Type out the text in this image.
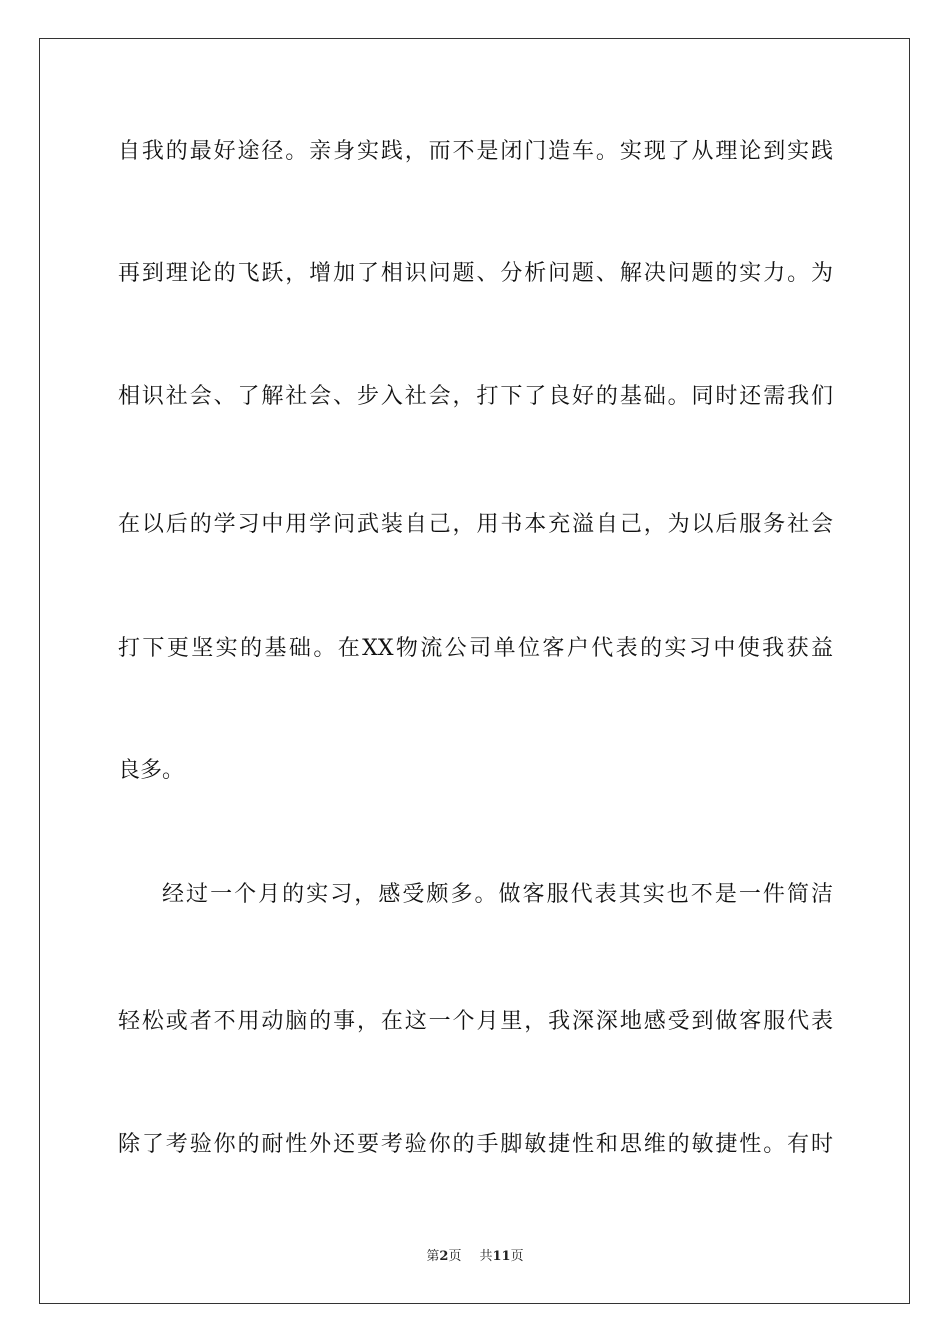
自我的最好途径。亲身实践，而不是闭门造车。实现了从理论到实践
再到理论的飞跃，增加了相识问题、分析问题、解决问题的实力。为
相识社会、了解社会、步入社会，打下了良好的基础。同时还需我们
在以后的学习中用学问武装自己，用书本充溢自己，为以后服务社会
打下更坚实的基础。在XX物流公司单位客户代表的实习中使我获益
良多。
经过一个月的实习，感受颇多。做客服代表其实也不是一件简洁
轻松或者不用动脑的事，在这一个月里，我深深地感受到做客服代表
除了考验你的耐性外还要考验你的手脚敏捷性和思维的敏捷性。有时
第2页 共11页
